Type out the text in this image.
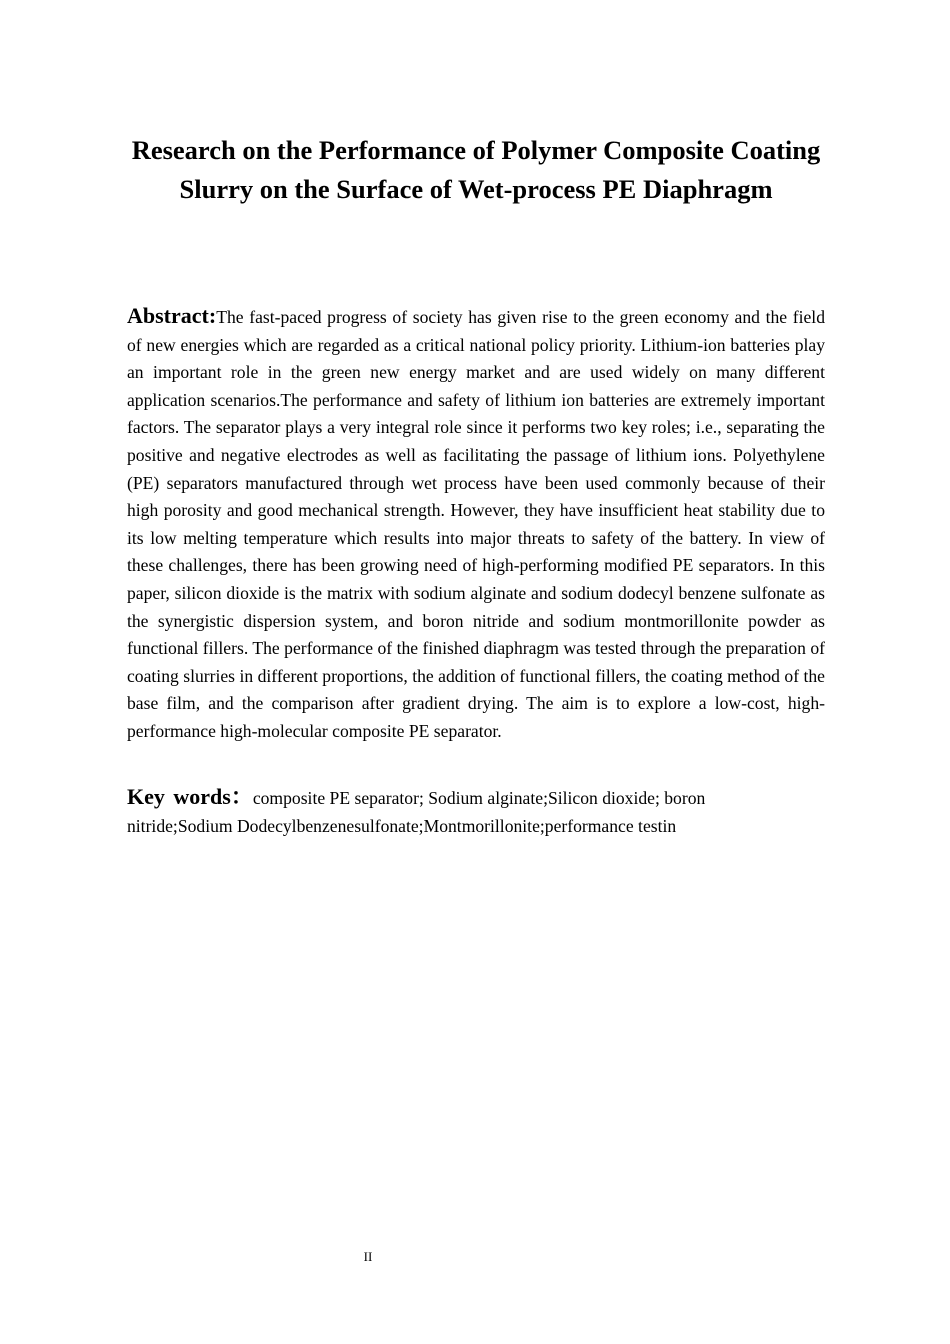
Research on the Performance of Polymer Composite Coating Slurry on the Surface of Wet-process PE Diaphragm

Abstract:The fast-paced progress of society has given rise to the green economy and the field of new energies which are regarded as a critical national policy priority. Lithium-ion batteries play an important role in the green new energy market and are used widely on many different application scenarios.The performance and safety of lithium ion batteries are extremely important factors. The separator plays a very integral role since it performs two key roles; i.e., separating the positive and negative electrodes as well as facilitating the passage of lithium ions. Polyethylene (PE) separators manufactured through wet process have been used commonly because of their high porosity and good mechanical strength. However, they have insufficient heat stability due to its low melting temperature which results into major threats to safety of the battery. In view of these challenges, there has been growing need of high-performing modified PE separators. In this paper, silicon dioxide is the matrix with sodium alginate and sodium dodecyl benzene sulfonate as the synergistic dispersion system, and boron nitride and sodium montmorillonite powder as functional fillers. The performance of the finished diaphragm was tested through the preparation of coating slurries in different proportions, the addition of functional fillers, the coating method of the base film, and the comparison after gradient drying. The aim is to explore a low-cost, high-performance high-molecular composite PE separator.

Key words：composite PE separator; Sodium alginate;Silicon dioxide; boron nitride;Sodium Dodecylbenzenesulfonate;Montmorillonite;performance testin

II
